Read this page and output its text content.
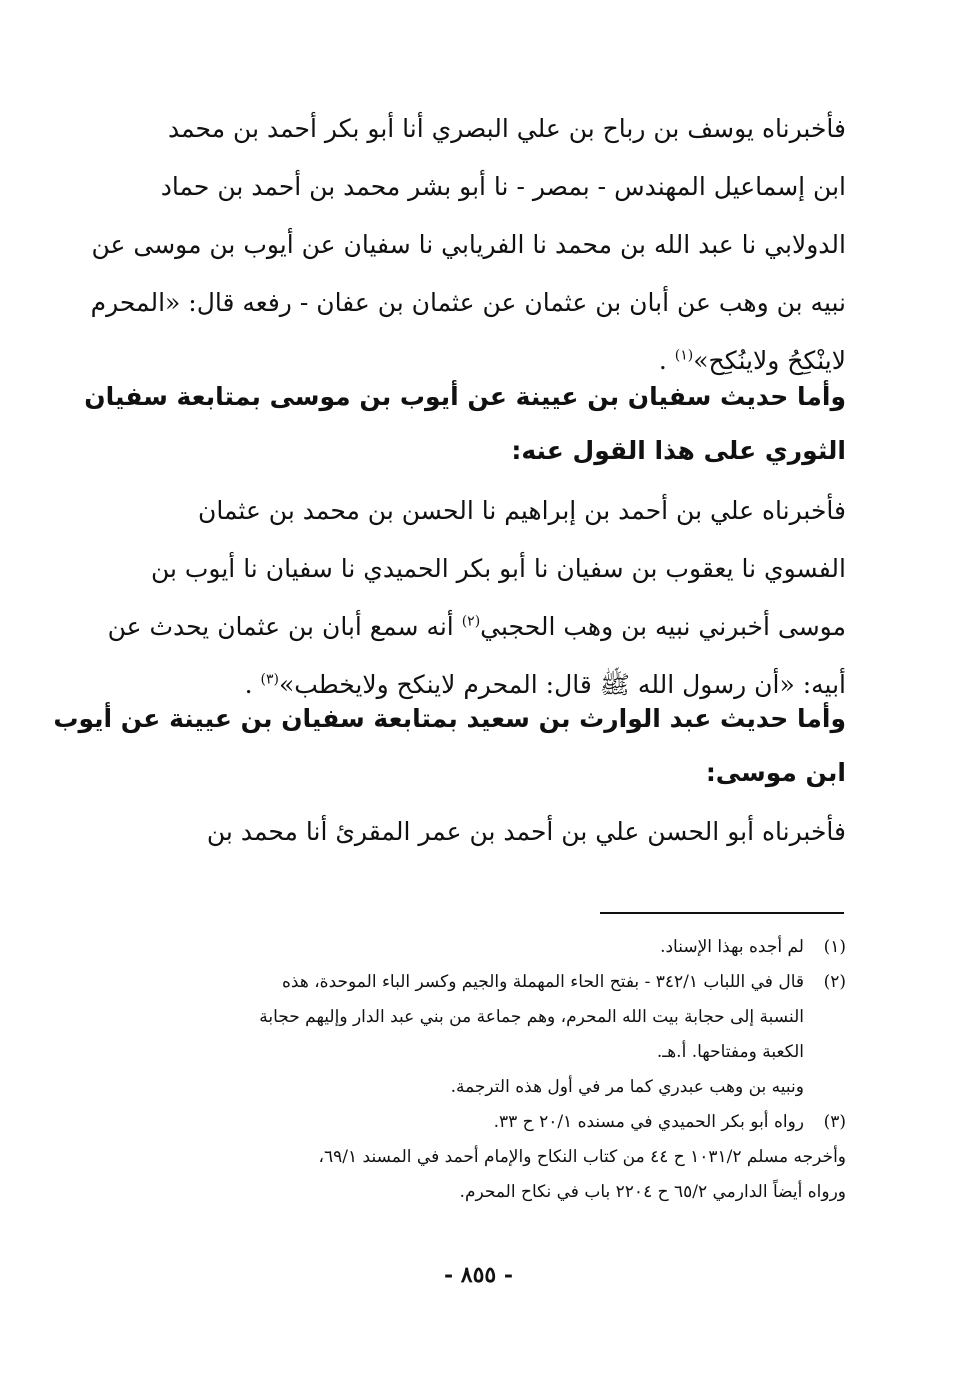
فأخبرناه يوسف بن رباح بن علي البصري أنا أبو بكر أحمد بن محمد
ابن إسماعيل المهندس - بمصر - نا أبو بشر محمد بن أحمد بن حماد
الدولابي نا عبد الله بن محمد نا الفريابي نا سفيان عن أيوب بن موسى عن
نبيه بن وهب عن أبان بن عثمان عن عثمان بن عفان - رفعه قال: «المحرم
لاينْكِحُ ولاينُكِح»$^{(١)}$ .
وأما حديث سفيان بن عيينة عن أيوب بن موسى بمتابعة سفيان
الثوري على هذا القول عنه:
فأخبرناه علي بن أحمد بن إبراهيم نا الحسن بن محمد بن عثمان
الفسوي نا يعقوب بن سفيان نا أبو بكر الحميدي نا سفيان نا أيوب بن
موسى أخبرني نبيه بن وهب الحجبي$^{(٢)}$ أنه سمع أبان بن عثمان يحدث عن
أبيه: «أن رسول الله ﷺ قال: المحرم لاينكح ولايخطب»$^{(٣)}$ .
وأما حديث عبد الوارث بن سعيد بمتابعة سفيان بن عيينة عن أيوب
ابن موسى:
فأخبرناه أبو الحسن علي بن أحمد بن عمر المقرئ أنا محمد بن
(١)
لم أجده بهذا الإسناد.
(٢)
قال في اللباب ٣٤٢/١ - بفتح الحاء المهملة والجيم وكسر الباء الموحدة، هذه
النسبة إلى حجابة بيت الله المحرم، وهم جماعة من بني عبد الدار وإليهم حجابة
الكعبة ومفتاحها. أ.هـ.
ونبيه بن وهب عبدري كما مر في أول هذه الترجمة.
(٣)
رواه أبو بكر الحميدي في مسنده ٢٠/١ ح ٣٣.
وأخرجه مسلم ١٠٣١/٢ ح ٤٤ من كتاب النكاح والإمام أحمد في المسند ٦٩/١،
ورواه أيضاً الدارمي ٦٥/٢ ح ٢٢٠٤ باب في نكاح المحرم.
- ٨٥٥ -
